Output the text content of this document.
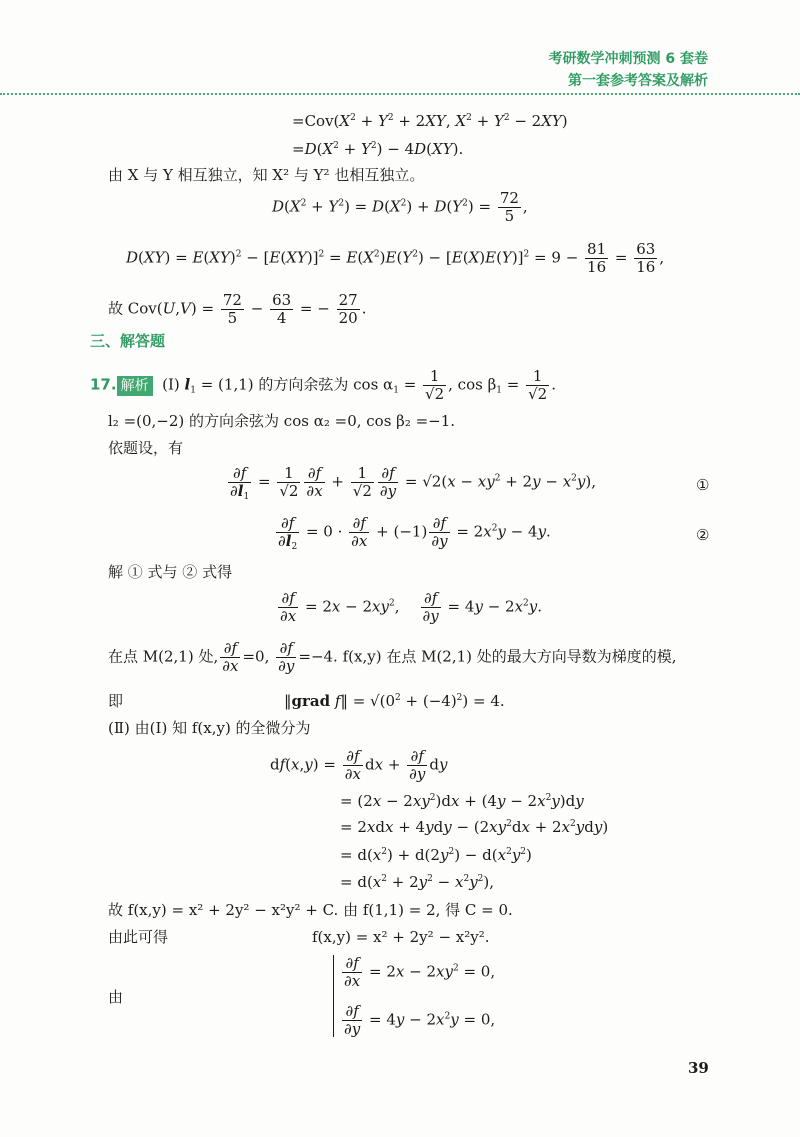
考研数学冲刺预测 6 套卷
第一套参考答案及解析
$=Cov(X^2 + Y^2 + 2XY$, $X^2 + Y^2 - 2XY$)
$=D(X^2 + Y^2) - 4D(XY)$.
由 X 与 Y 相互独立，知 X² 与 Y² 也相互独立。
$D(X^2 + Y^2) = D(X^2) + D(Y^2) = \frac{72}{5}$ ,
$D(XY) = E(XY)^2 - [E(XY)]^2 = E(X^2)E(Y^2) - [E(X)E(Y)]^2 = 9 - \frac{81}{16} = \frac{63}{16}$ ,
故 $Cov(U,V) = \frac{72}{5} - \frac{63}{4}$ = − $\frac{27}{20}$ .
三、解答题
17. 解析  (Ⅰ) $l_1 = (1,1)$ 的方向余弦为 $\cos \alpha_1 = \frac{1}{√2}$ , $\cos \beta_1 = \frac{1}{√2}$ .
l₂ =(0,−2) 的方向余弦为 cos α₂ =0, cos β₂ =−1.
依题设，有
$\frac{\partial f}{\partial l_1} = \frac{1}{√2} \frac{\partial f}{\partial x} + \frac{1}{√2} \frac{\partial f}{\partial y} = √2(x - xy^2 + 2y - x^2y)$,	①
$\frac{\partial f}{\partial l_2} = 0 \cdot \frac{\partial f}{\partial x} + (-1) \frac{\partial f}{\partial y} = 2x^2y - 4y$.	②
解 ① 式与 ② 式得
$\frac{\partial f}{\partial x} = 2x - 2xy^2$, $\frac{\partial f}{\partial y} = 4y - 2x^2y$.
在点 M(2,1) 处, $\frac{\partial f}{\partial x} =0$, $\frac{\partial f}{\partial y} =-4$. f(x,y) 在点 M(2,1) 处的最大方向导数为梯度的模,
即	‖grad f‖ = $√(0^2 + (-4)^2) = 4$.
(Ⅱ) 由(Ⅰ) 知 f(x,y) 的全微分为
$df(x,y) = \frac{\partial f}{\partial x}$ dx + $\frac{\partial f}{\partial y}$ dy
= $(2x - 2xy^2)dx + (4y - 2x^2y)dy$
= $2xdx + 4ydy - (2xy^2dx + 2x^2ydy)$
= $d(x^2) + d(2y^2) - d(x^2y^2)$
= $d(x^2 + 2y^2 - x^2y^2)$,
故 f(x,y) = x² + 2y² − x²y² + C. 由 f(1,1) = 2, 得 C = 0.
由此可得	f(x,y) = x² + 2y² − x²y².
由
$\frac{\partial f}{\partial x} = 2x - 2xy^2 = 0$,
$\frac{\partial f}{\partial y} = 4y - 2x^2y = 0$,
39
